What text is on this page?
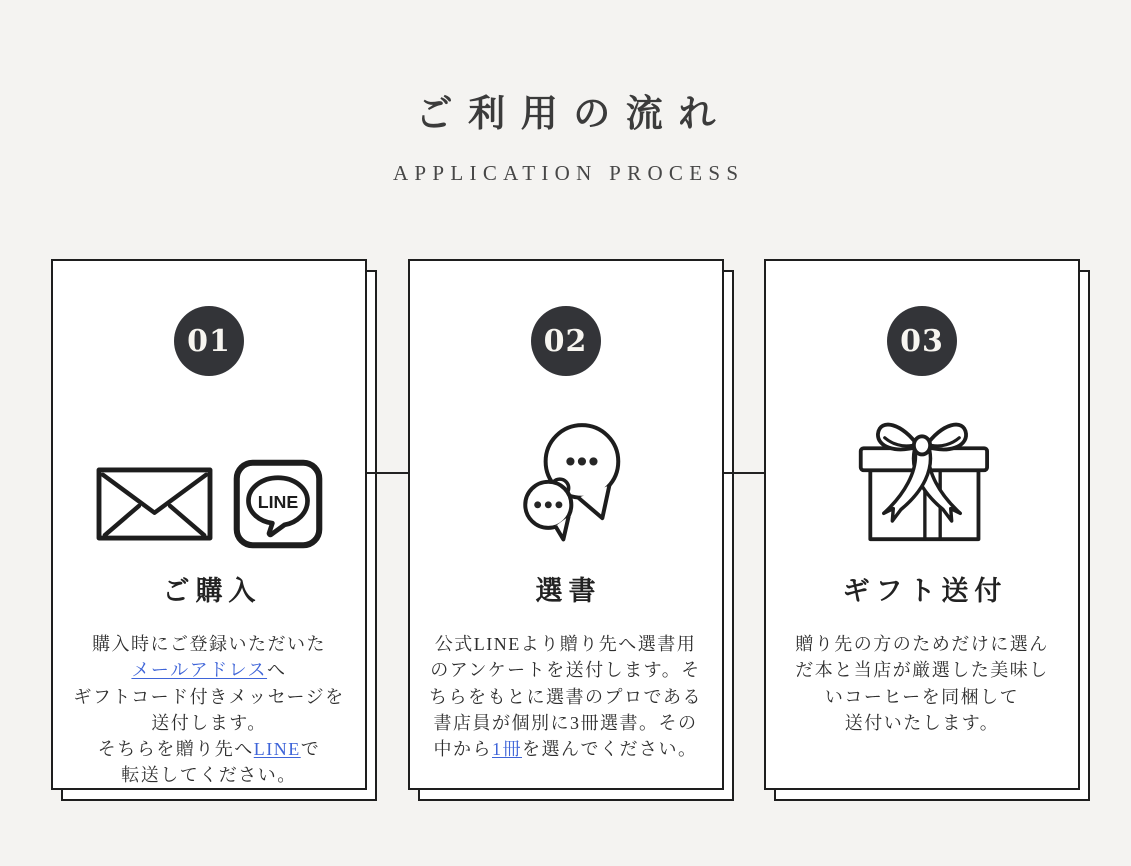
ご利用の流れ
APPLICATION PROCESS
01
LINE
ご購入

購入時にご登録いただいた
メールアドレスへ
ギフトコード付きメッセージを
送付します。
そちらを贈り先へLINEで
転送してください。

02
選書

公式LINEより贈り先へ選書用
のアンケートを送付します。そ
ちらをもとに選書のプロである
書店員が個別に3冊選書。その
中から1冊を選んでください。

03
ギフト送付

贈り先の方のためだけに選ん
だ本と当店が厳選した美味し
いコーヒーを同梱して
送付いたします。
